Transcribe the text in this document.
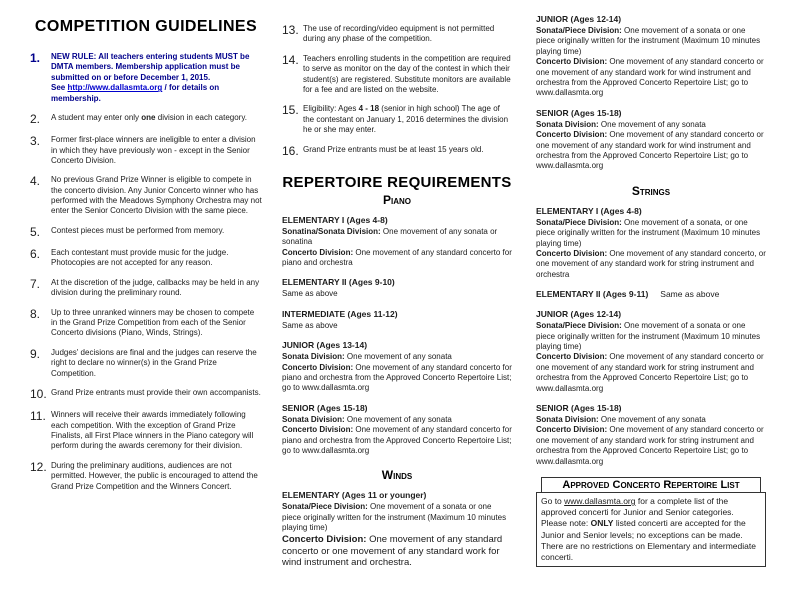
COMPETITION GUIDELINES
1.	NEW RULE: All teachers entering students MUST be DMTA members. Membership application must be submitted on or before December 1, 2015.
See http://www.dallasmta.org / for details on membership.
2.	A student may enter only one division in each category.
3.	Former first-place winners are ineligible to enter a division in which they have previously won - except in the Senior Concerto Division.
4.	No previous Grand Prize Winner is eligible to compete in the concerto division. Any Junior Concerto winner who has performed with the Meadows Symphony Orchestra may not enter the Senior Concerto Division with the same piece.
5.	Contest pieces must be performed from memory.
6.	Each contestant must provide music for the judge. Photocopies are not accepted for any reason.
7.	At the discretion of the judge, callbacks may be held in any division during the preliminary round.
8.	Up to three unranked winners may be chosen to compete in the Grand Prize Competition from each of the Senior Concerto divisions (Piano, Winds, Strings).
9.	Judges' decisions are final and the judges can reserve the right to declare no winner(s) in the Grand Prize Competition.
10. Grand Prize entrants must provide their own accompanists.
11. Winners will receive their awards immediately following each competition. With the exception of Grand Prize Finalists, all First Place winners in the Piano category will perform during the awards ceremony for their division.
12. During the preliminary auditions, audiences are not permitted. However, the public is encouraged to attend the Grand Prize Competition and the Winners Concert.
13. The use of recording/video equipment is not permitted during any phase of the competition.
14. Teachers enrolling students in the competition are required to serve as monitor on the day of the contest in which their student(s) are registered. Substitute monitors are available for a fee and are listed on the website.
15. Eligibility: Ages 4 - 18 (senior in high school) The age of the contestant on January 1, 2016 determines the division he or she may enter.
16. Grand Prize entrants must be at least 15 years old.
REPERTOIRE REQUIREMENTS
Piano
ELEMENTARY I (Ages 4-8)
Sonatina/Sonata Division: One movement of any sonata or sonatina
Concerto Division: One movement of any standard concerto for piano and orchestra
ELEMENTARY II (Ages 9-10)
Same as above
INTERMEDIATE (Ages 11-12)
Same as above
JUNIOR (Ages 13-14)
Sonata Division: One movement of any sonata
Concerto Division: One movement of any standard concerto for piano and orchestra from the Approved Concerto Repertoire List; go to www.dallasmta.org
SENIOR (Ages 15-18)
Sonata Division: One movement of any sonata
Concerto Division: One movement of any standard concerto for piano and orchestra from the Approved Concerto Repertoire List; go to www.dallasmta.org
Winds
ELEMENTARY (Ages 11 or younger)
Sonata/Piece Division: One movement of a sonata or one piece originally written for the instrument (Maximum 10 minutes playing time)
Concerto Division: One movement of any standard concerto or one movement of any standard work for wind instrument and orchestra.
JUNIOR (Ages 12-14)
Sonata/Piece Division: One movement of a sonata or one piece originally written for the instrument (Maximum 10 minutes playing time)
Concerto Division: One movement of any standard concerto or one movement of any standard work for wind instrument and orchestra from the Approved Concerto Repertoire List; go to www.dallasmta.org
SENIOR (Ages 15-18)
Sonata Division: One movement of any sonata
Concerto Division: One movement of any standard concerto or one movement of any standard work for wind instrument and orchestra from the Approved Concerto Repertoire List; go to www.dallasmta.org
Strings
ELEMENTARY I (Ages 4-8)
Sonata/Piece Division: One movement of a sonata, or one piece originally written for the instrument (Maximum 10 minutes playing time)
Concerto Division: One movement of any standard concerto, or one movement of any standard work for string instrument and orchestra
ELEMENTARY II (Ages 9-11) Same as above
JUNIOR (Ages 12-14)
Sonata/Piece Division: One movement of a sonata or one piece originally written for the instrument (Maximum 10 minutes playing time)
Concerto Division: One movement of any standard concerto or one movement of any standard work for string instrument and orchestra from the Approved Concerto Repertoire List; go to www.dallasmta.org
SENIOR (Ages 15-18)
Sonata Division: One movement of any sonata
Concerto Division: One movement of any standard concerto or one movement of any standard work for string instrument and orchestra from the Approved Concerto Repertoire List; go to www.dallasmta.org
Approved Concerto Repertoire List
Go to www.dallasmta.org for a complete list of the approved concerti for Junior and Senior categories. Please note: ONLY listed concerti are accepted for the Junior and Senior levels; no exceptions can be made. There are no restrictions on Elementary and intermediate concerti.
